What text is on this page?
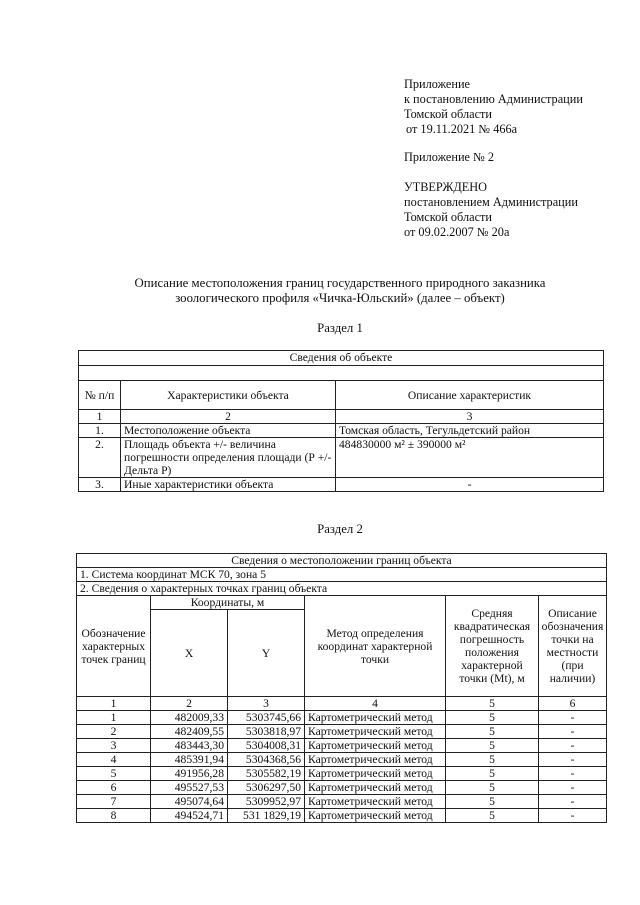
Приложение
к постановлению Администрации
Томской области
от 19.11.2021 № 466а
Приложение № 2
УТВЕРЖДЕНО
постановлением Администрации
Томской области
от 09.02.2007 № 20а
Описание местоположения границ государственного природного заказника
зоологического профиля «Чичка-Юльский» (далее – объект)
Раздел 1
Сведения об объекте		

№ п/п	Характеристики объекта	Описание характеристик
1	2	3
1.	Местоположение объекта	Томская область, Тегульдетский район
2.	Площадь объекта +/- величина погрешности определения площади (Р +/- Дельта Р)	484830000 м² ± 390000 м²
3.	Иные характеристики объекта	-
Раздел 2
Сведения о местоположении границ объекта					
1. Система координат МСК 70, зона 5					
2. Сведения о характерных точках границ объекта					
Обозначение характерных точек границ	Координаты, м		Метод определения координат характерной точки	Средняя квадратическая погрешность положения характерной точки (Mt), м	Описание обозначения точки на местности (при наличии)
	X	Y			
1	2	3	4	5	6
1	482009,33	5303745,66	Картометрический метод	5	-
2	482409,55	5303818,97	Картометрический метод	5	-
3	483443,30	5304008,31	Картометрический метод	5	-
4	485391,94	5304368,56	Картометрический метод	5	-
5	491956,28	5305582,19	Картометрический метод	5	-
6	495527,53	5306297,50	Картометрический метод	5	-
7	495074,64	5309952,97	Картометрический метод	5	-
8	494524,71	531 1829,19	Картометрический метод	5	-
